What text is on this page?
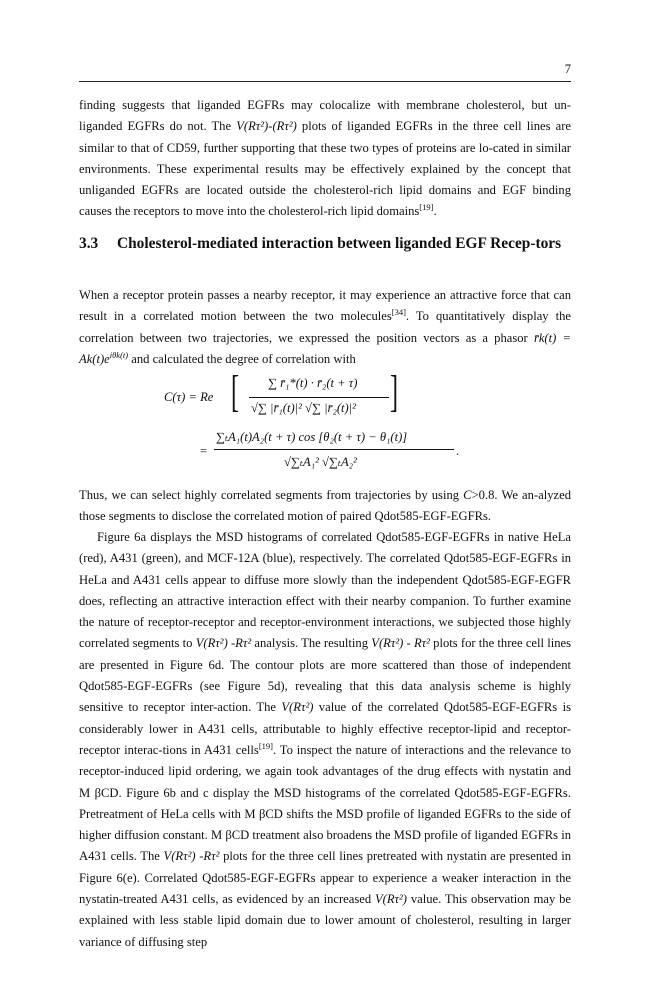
7
finding suggests that liganded EGFRs may colocalize with membrane cholesterol, but un-liganded EGFRs do not. The V(Rτ²)-(Rτ²) plots of liganded EGFRs in the three cell lines are similar to that of CD59, further supporting that these two types of proteins are lo-cated in similar environments. These experimental results may be effectively explained by the concept that unliganded EGFRs are located outside the cholesterol-rich lipid domains and EGF binding causes the receptors to move into the cholesterol-rich lipid domains[19].
3.3	Cholesterol-mediated interaction between liganded EGF Recep-tors
When a receptor protein passes a nearby receptor, it may experience an attractive force that can result in a correlated motion between the two molecules[34]. To quantitatively display the correlation between two trajectories, we expressed the position vectors as a phasor r̄k(t) = $Ak(t)e^{i\theta k(t)}$ and calculated the degree of correlation with
C(τ) = Re [ ∑ r̄₁*(t) · r̄₂(t + τ)
√∑ |r̄₁(t)|² √∑ |r̄₂(t)|² ]
=
∑ₜA₁(t)A₂(t + τ) cos [θ₂(t + τ) − θ₁(t)]
√∑ₜA₁² √∑ₜA₂²
.
Thus, we can select highly correlated segments from trajectories by using C>0.8. We an-alyzed those segments to disclose the correlated motion of paired Qdot585-EGF-EGFRs.
Figure 6a displays the MSD histograms of correlated Qdot585-EGF-EGFRs in native HeLa (red), A431 (green), and MCF-12A (blue), respectively. The correlated Qdot585-EGF-EGFRs in HeLa and A431 cells appear to diffuse more slowly than the independent Qdot585-EGF-EGFR does, reflecting an attractive interaction effect with their nearby companion. To further examine the nature of receptor-receptor and receptor-environment interactions, we subjected those highly correlated segments to V(Rτ²) -Rτ² analysis. The resulting V(Rτ²) - Rτ² plots for the three cell lines are presented in Figure 6d. The contour plots are more scattered than those of independent Qdot585-EGF-EGFRs (see Figure 5d), revealing that this data analysis scheme is highly sensitive to receptor inter-action. The V(Rτ²) value of the correlated Qdot585-EGF-EGFRs is considerably lower in A431 cells, attributable to highly effective receptor-lipid and receptor-receptor interac-tions in A431 cells[19]. To inspect the nature of interactions and the relevance to receptor-induced lipid ordering, we again took advantages of the drug effects with nystatin and M βCD. Figure 6b and c display the MSD histograms of the correlated Qdot585-EGF-EGFRs. Pretreatment of HeLa cells with M βCD shifts the MSD profile of liganded EGFRs to the side of higher diffusion constant. M βCD treatment also broadens the MSD profile of liganded EGFRs in A431 cells. The V(Rτ²) -Rτ² plots for the three cell lines pretreated with nystatin are presented in Figure 6(e). Correlated Qdot585-EGF-EGFRs appear to experience a weaker interaction in the nystatin-treated A431 cells, as evidenced by an increased V(Rτ²) value. This observation may be explained with less stable lipid domain due to lower amount of cholesterol, resulting in larger variance of diffusing step
